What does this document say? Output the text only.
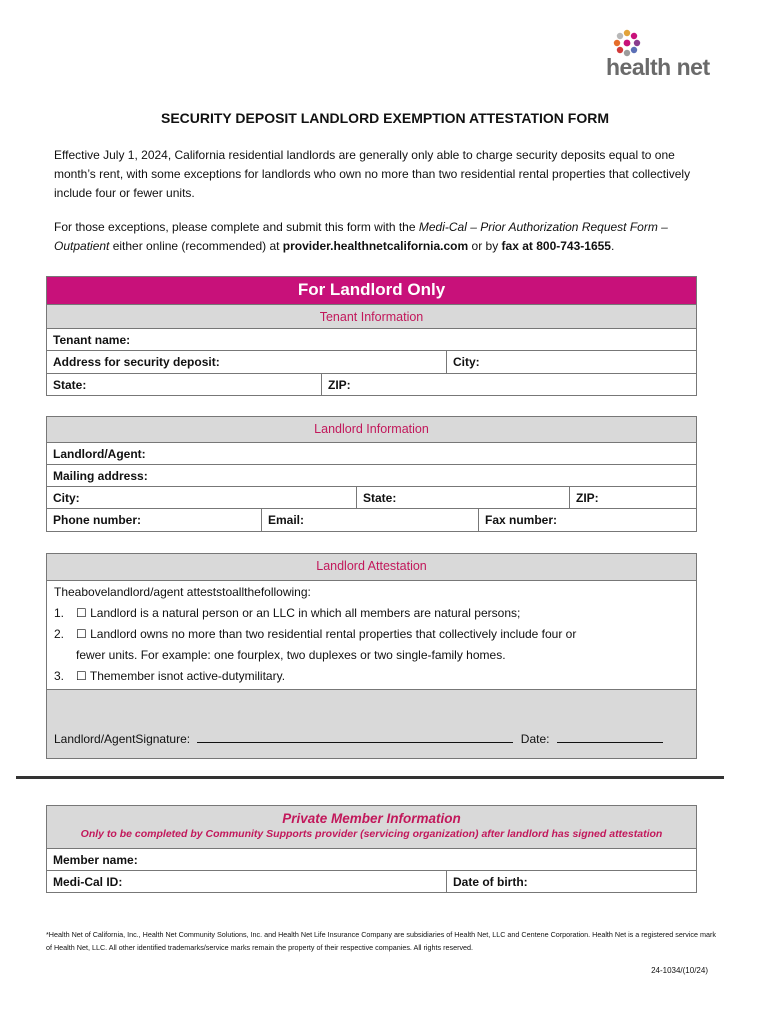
health net
SECURITY DEPOSIT LANDLORD EXEMPTION ATTESTATION FORM
Effective July 1, 2024, California residential landlords are generally only able to charge security deposits equal to one month’s rent, with some exceptions for landlords who own no more than two residential rental properties that collectively include four or fewer units.
For those exceptions, please complete and submit this form with the Medi-Cal – Prior Authorization Request Form – Outpatient either online (recommended) at provider.healthnetcalifornia.com or by fax at 800-743-1655.
For Landlord Only
Tenant Information
Tenant name:
Address for security deposit:	City:
State:	ZIP:
Landlord Information
Landlord/Agent:
Mailing address:
City:	State:	ZIP:
Phone number:	Email:	Fax number:
Landlord Attestation
Theabovelandlord/agent atteststoallthefollowing:
1. ☐ Landlord is a natural person or an LLC in which all members are natural persons;
2. ☐ Landlord owns no more than two residential rental properties that collectively include four or
fewer units. For example: one fourplex, two duplexes or two single-family homes.
3. ☐ Themember isnot active-dutymilitary.
Landlord/AgentSignature:	Date:
Private Member Information
Only to be completed by Community Supports provider (servicing organization) after landlord has signed attestation
Member name:
Medi-Cal ID:	Date of birth:
*Health Net of California, Inc., Health Net Community Solutions, Inc. and Health Net Life Insurance Company are subsidiaries of Health Net, LLC and Centene Corporation. Health Net is a registered service mark of Health Net, LLC. All other identified trademarks/service marks remain the property of their respective companies. All rights reserved.
24-1034/(10/24)
